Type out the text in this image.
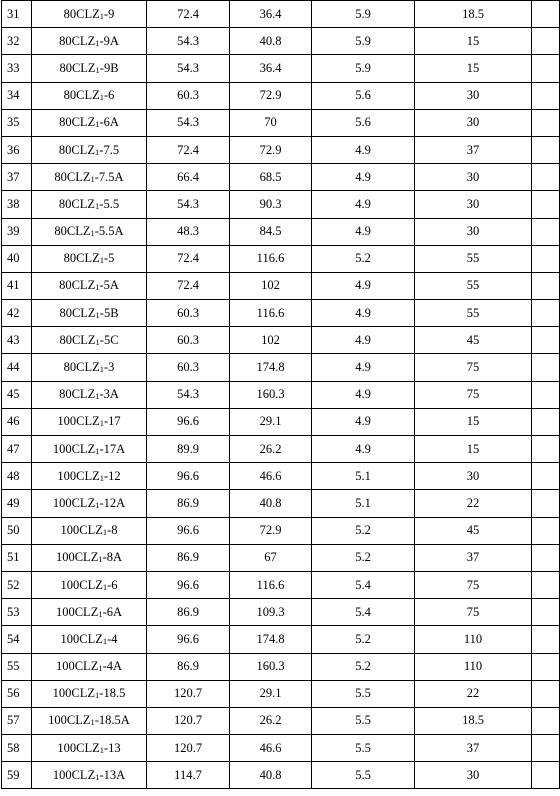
31	$80CLZ_1-9$	72.4	36.4	5.9	18.5	
32	$80CLZ_1-9A$	54.3	40.8	5.9	15	
33	$80CLZ_1-9B$	54.3	36.4	5.9	15	
34	$80CLZ_1-6$	60.3	72.9	5.6	30	
35	$80CLZ_1-6A$	54.3	70	5.6	30	
36	$80CLZ_1-7.5$	72.4	72.9	4.9	37	
37	$80CLZ_1-7.5A$	66.4	68.5	4.9	30	
38	$80CLZ_1-5.5$	54.3	90.3	4.9	30	
39	$80CLZ_1-5.5A$	48.3	84.5	4.9	30	
40	$80CLZ_1-5$	72.4	116.6	5.2	55	
41	$80CLZ_1-5A$	72.4	102	4.9	55	
42	$80CLZ_1-5B$	60.3	116.6	4.9	55	
43	$80CLZ_1-5C$	60.3	102	4.9	45	
44	$80CLZ_1-3$	60.3	174.8	4.9	75	
45	$80CLZ_1-3A$	54.3	160.3	4.9	75	
46	$100CLZ_1-17$	96.6	29.1	4.9	15	
47	$100CLZ_1-17A$	89.9	26.2	4.9	15	
48	$100CLZ_1-12$	96.6	46.6	5.1	30	
49	$100CLZ_1-12A$	86.9	40.8	5.1	22	
50	$100CLZ_1-8$	96.6	72.9	5.2	45	
51	$100CLZ_1-8A$	86.9	67	5.2	37	
52	$100CLZ_1-6$	96.6	116.6	5.4	75	
53	$100CLZ_1-6A$	86.9	109.3	5.4	75	
54	$100CLZ_1-4$	96.6	174.8	5.2	110	
55	$100CLZ_1-4A$	86.9	160.3	5.2	110	
56	$100CLZ_1-18.5$	120.7	29.1	5.5	22	
57	$100CLZ_1-18.5A$	120.7	26.2	5.5	18.5	
58	$100CLZ_1-13$	120.7	46.6	5.5	37	
59	$100CLZ_1-13A$	114.7	40.8	5.5	30	
